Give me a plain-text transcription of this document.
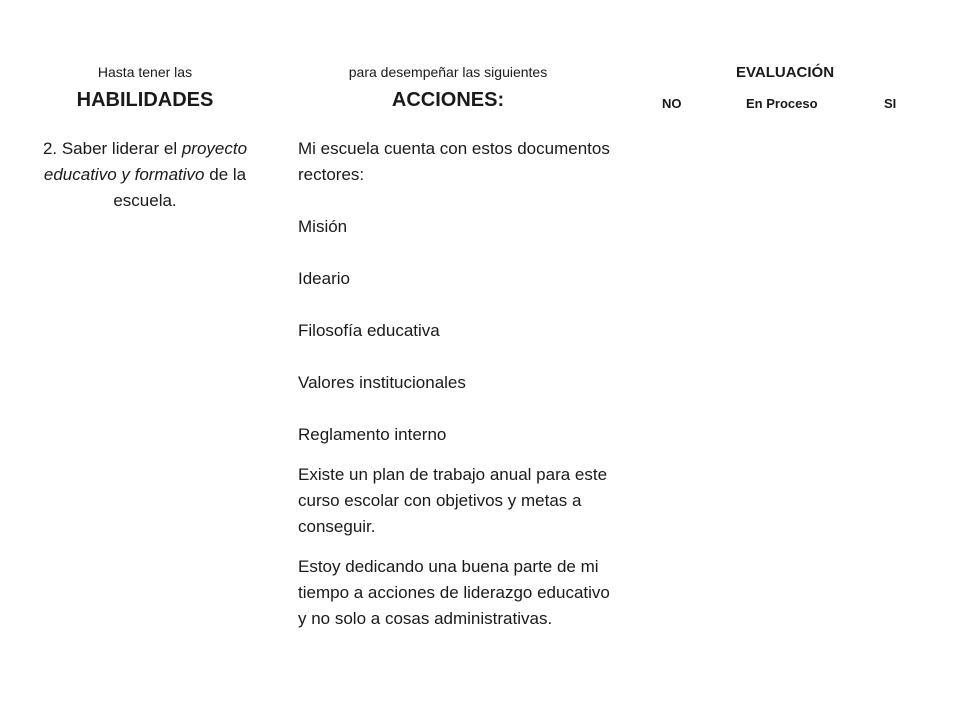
Hasta tener las
HABILIDADES
2. Saber liderar el proyecto educativo y formativo de la escuela.
para desempeñar las siguientes
ACCIONES:

Mi escuela cuenta con estos documentos rectores:

Misión

Ideario

Filosofía educativa

Valores institucionales

Reglamento interno

Existe un plan de trabajo anual para este curso escolar con objetivos y metas a conseguir.

Estoy dedicando una buena parte de mi tiempo a acciones de liderazgo educativo y no solo a cosas administrativas.

EVALUACIÓN
NO	En Proceso	SI
